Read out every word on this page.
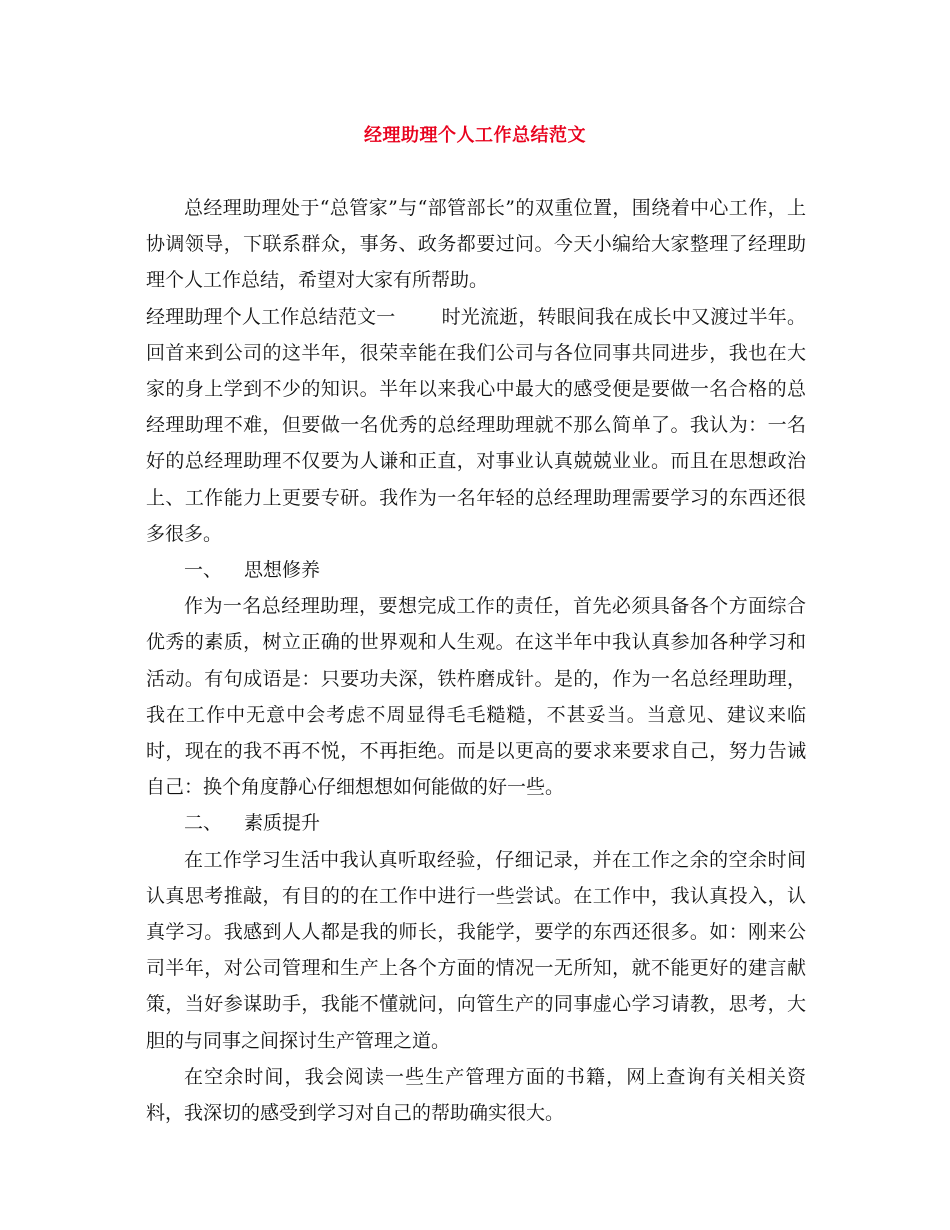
经理助理个人工作总结范文

总经理助理处于“总管家”与“部管部长”的双重位置，围绕着中心工作，上协调领导，下联系群众，事务、政务都要过问。今天小编给大家整理了经理助理个人工作总结，希望对大家有所帮助。

经理助理个人工作总结范文一 时光流逝，转眼间我在成长中又渡过半年。回首来到公司的这半年，很荣幸能在我们公司与各位同事共同进步，我也在大家的身上学到不少的知识。半年以来我心中最大的感受便是要做一名合格的总经理助理不难，但要做一名优秀的总经理助理就不那么简单了。我认为：一名好的总经理助理不仅要为人谦和正直，对事业认真兢兢业业。而且在思想政治上、工作能力上更要专研。我作为一名年轻的总经理助理需要学习的东西还很多很多。

一、 思想修养

作为一名总经理助理，要想完成工作的责任，首先必须具备各个方面综合优秀的素质，树立正确的世界观和人生观。在这半年中我认真参加各种学习和活动。有句成语是：只要功夫深，铁杵磨成针。是的，作为一名总经理助理，我在工作中无意中会考虑不周显得毛毛糙糙，不甚妥当。当意见、建议来临时，现在的我不再不悦，不再拒绝。而是以更高的要求来要求自己，努力告诫自己：换个角度静心仔细想想如何能做的好一些。

二、 素质提升

在工作学习生活中我认真听取经验，仔细记录，并在工作之余的空余时间认真思考推敲，有目的的在工作中进行一些尝试。在工作中，我认真投入，认真学习。我感到人人都是我的师长，我能学，要学的东西还很多。如：刚来公司半年，对公司管理和生产上各个方面的情况一无所知，就不能更好的建言献策，当好参谋助手，我能不懂就问，向管生产的同事虚心学习请教，思考，大胆的与同事之间探讨生产管理之道。

在空余时间，我会阅读一些生产管理方面的书籍，网上查询有关相关资料，我深切的感受到学习对自己的帮助确实很大。
